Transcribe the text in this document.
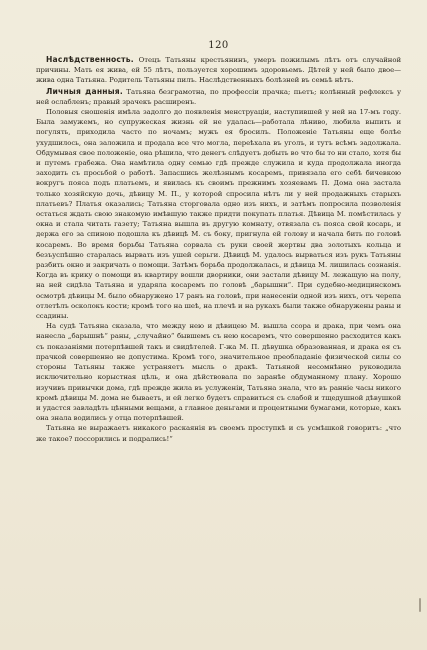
120

Наслѣдственность. Отецъ Татьяны крестьянинъ, умеръ пожилымъ лѣтъ отъ случайной причины. Мать ея жива, ей 55 лѣтъ, пользуется хорошимъ здоровьемъ. Дѣтей у ней было двое—жива одна Татьяна. Родитель Татьяны пилъ. Наслѣдственныхъ болѣзней въ семьѣ нѣтъ.

Личныя данныя. Татьяна безграмотна, по профессіи прачка; пьетъ; колѣнный рефлексъ у ней ослабленъ; правый зрачекъ расширенъ.

Половыя сношенія имѣла задолго до появленія менструаціи, наступившей у ней на 17-мъ году. Была замужемъ, но супружеская жизнь ей не удалась—работала лѣниво, любила выпить и погулять, приходила часто по ночамъ; мужъ ея бросилъ. Положеніе Татьяны еще болѣе ухудшилось, она заложила и продала все что могла, переѣхала въ уголъ, и тутъ всѣмъ задолжала. Обдумывая свое положеніе, она рѣшила, что денегъ слѣдуетъ добыть во что бы то ни стало, хотя бы и путемъ грабежа. Она намѣтила одну семью гдѣ прежде служила и куда продолжала иногда заходить съ просьбой о работѣ. Запасшись желѣзнымъ косаремъ, привязала его себѣ бичевкою вокругъ пояса подъ платьемъ, и явилась къ своимъ прежнимъ хозяевамъ П. Дома она застала только хозяйскую дочь, дѣвицу М. П., у которой спросила нѣтъ ли у ней продажныхъ старыхъ платьевъ? Платья оказались; Татьяна сторговала одно изъ нихъ, и затѣмъ попросила позволенія остаться ждать свою знакомую имѣвшую также придти покупать платья. Дѣвица М. помѣстилась у окна и стала читать газету; Татьяна вышла въ другую комнату, отвязала съ пояса свой косарь, и держа его за спиною подошла къ дѣвицѣ М. съ боку, пригнула ей голову и начала бить по головѣ косаремъ. Во время борьбы Татьяна сорвала съ руки своей жертвы два золотыхъ кольца и безъуспѣшно старалась вырвать изъ ушей серьги. Дѣвицѣ М. удалось вырваться изъ рукъ Татьяны разбить окно и закричать о помощи. Затѣмъ борьба продолжалась, и дѣвица М. лишилась сознанія. Когда въ крику о помощи въ квартиру вошли дворники, они застали дѣвицу М. лежащую на полу, на ней сидѣла Татьяна и ударяла косаремъ по головѣ „барышни“. При судебно-медицинскомъ осмотрѣ дѣвицы М. было обнаружено 17 ранъ на головѣ, при нанесеніи одной изъ нихъ, отъ черепа отлетѣлъ осколокъ кости; кромѣ того на шеѣ, на плечѣ и на рукахъ были также обнаружены раны и ссадины.

На судѣ Татьяна сказала, что между нею и дѣвицею М. вышла ссора и драка, при чемъ она нанесла „барышнѣ“ раны, „случайно“ бывшемъ съ нею косаремъ, что совершенно расходится какъ съ показаніями потерпѣвшей такъ и свидѣтелей. Г-жа М. П. дѣвушка образованная, и драка ея съ прачкой совершенно не допустима. Кромѣ того, значительное преобладаніе физической силы со стороны Татьяны также устраняетъ мысль о дракѣ. Татьяной несомнѣнно руководила исключительно корыстная цѣль, и она дѣйствовала по заранѣе обдуманному плану. Хорошо изучивъ привычки дома, гдѣ прежде жила въ услуженіи, Татьяна знала, что въ ранніе часы никого кромѣ дѣвицы М. дома не бываетъ, и ей легко будетъ справиться съ слабой и тщедушной дѣвушкой и удастся завладѣть цѣнными вещами, а главное деньгами и процентными бумагами, которые, какъ она знала водились у отца потерпѣвшей.

Татьяна не выражаетъ никакого раскаянія въ своемъ проступкѣ и съ усмѣшкой говоритъ: „что же такое? поссорились и подрались!“
